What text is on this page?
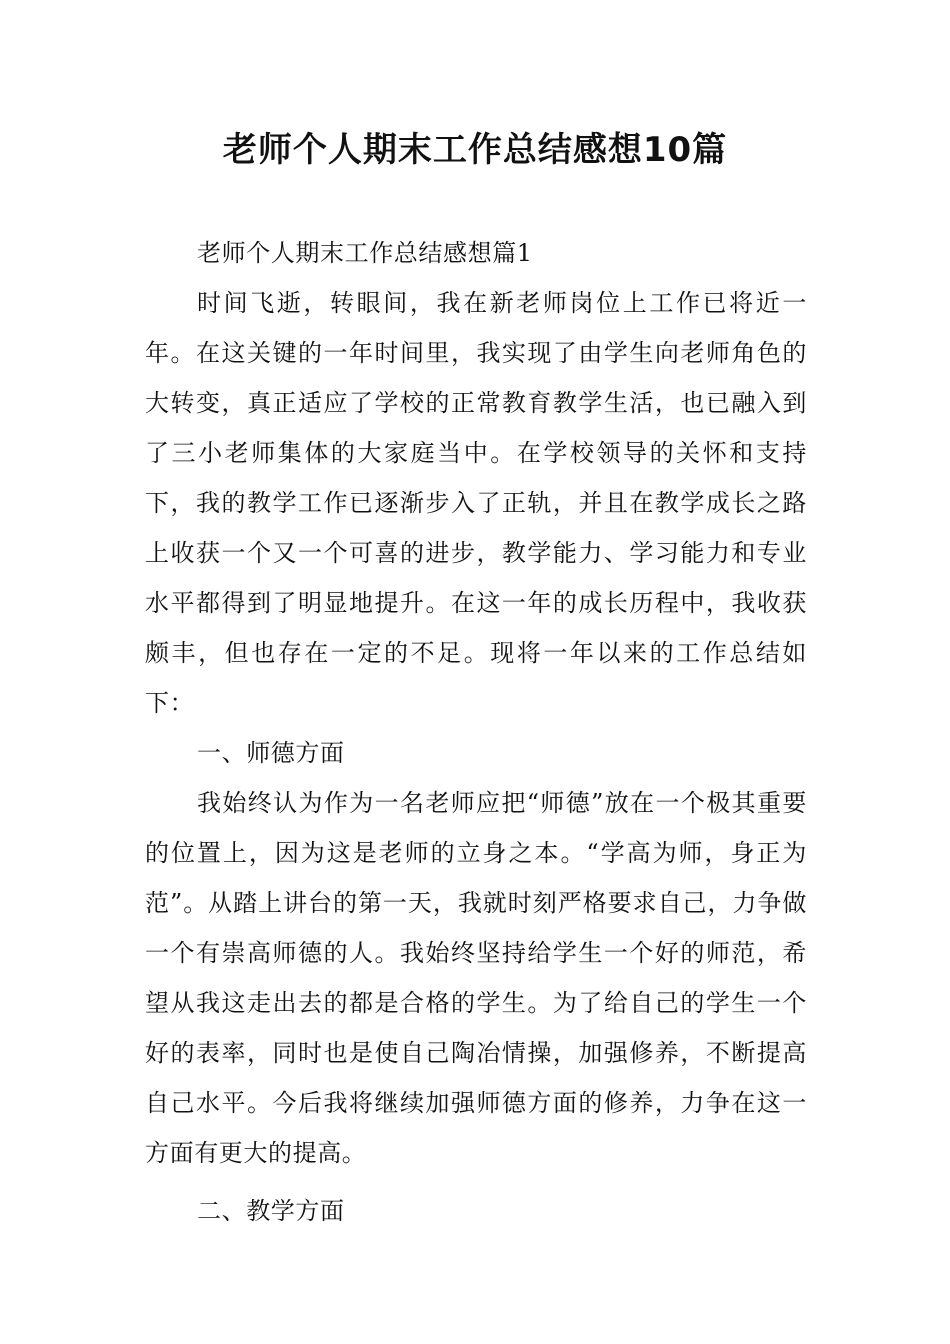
老师个人期末工作总结感想10篇

老师个人期末工作总结感想篇1

时间飞逝，转眼间，我在新老师岗位上工作已将近一年。在这关键的一年时间里，我实现了由学生向老师角色的大转变，真正适应了学校的正常教育教学生活，也已融入到了三小老师集体的大家庭当中。在学校领导的关怀和支持下，我的教学工作已逐渐步入了正轨，并且在教学成长之路上收获一个又一个可喜的进步，教学能力、学习能力和专业水平都得到了明显地提升。在这一年的成长历程中，我收获颇丰，但也存在一定的不足。现将一年以来的工作总结如下：

一、师德方面

我始终认为作为一名老师应把“师德”放在一个极其重要的位置上，因为这是老师的立身之本。“学高为师，身正为范”。从踏上讲台的第一天，我就时刻严格要求自己，力争做一个有崇高师德的人。我始终坚持给学生一个好的师范，希望从我这走出去的都是合格的学生。为了给自己的学生一个好的表率，同时也是使自己陶冶情操，加强修养，不断提高自己水平。今后我将继续加强师德方面的修养，力争在这一方面有更大的提高。

二、教学方面
